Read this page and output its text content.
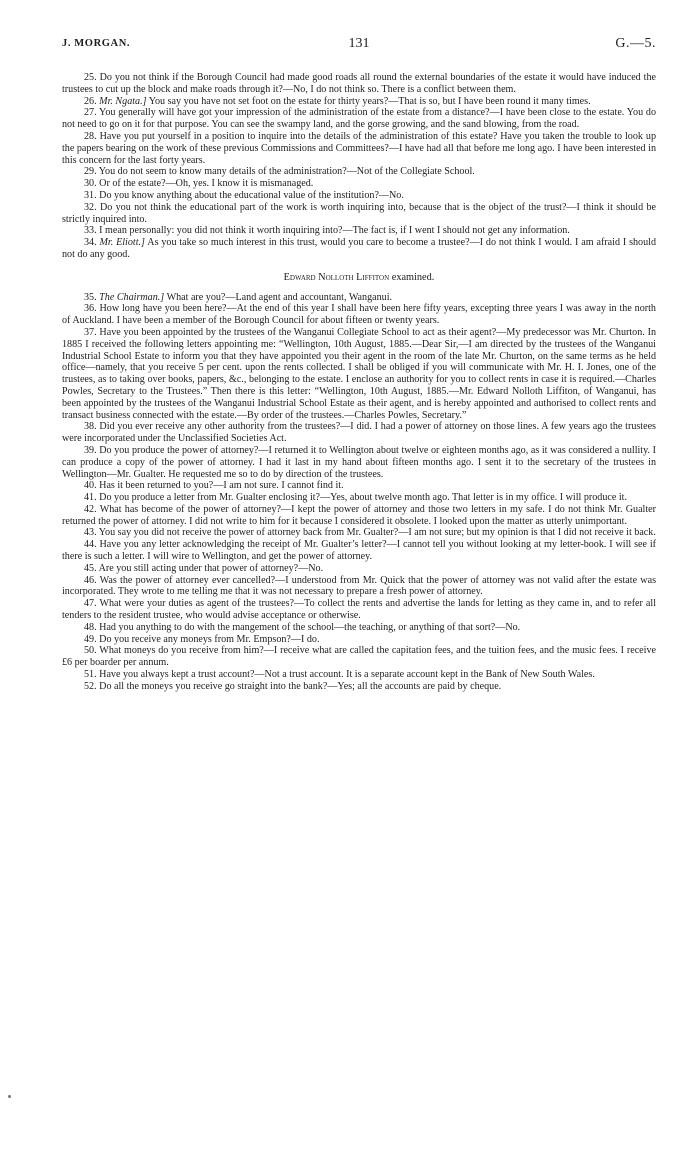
J. MORGAN.	131	G.—5.

25. Do you not think if the Borough Council had made good roads all round the external boundaries of the estate it would have induced the trustees to cut up the block and make roads through it?—No, I do not think so. There is a conflict between them.

26. Mr. Ngata.] You say you have not set foot on the estate for thirty years?—That is so, but I have been round it many times.

27. You generally will have got your impression of the administration of the estate from a distance?—I have been close to the estate. You do not need to go on it for that purpose. You can see the swampy land, and the gorse growing, and the sand blowing, from the road.

28. Have you put yourself in a position to inquire into the details of the administration of this estate? Have you taken the trouble to look up the papers bearing on the work of these previous Commissions and Committees?—I have had all that before me long ago. I have been interested in this concern for the last forty years.

29. You do not seem to know many details of the administration?—Not of the Collegiate School.

30. Or of the estate?—Oh, yes. I know it is mismanaged.

31. Do you know anything about the educational value of the institution?—No.

32. Do you not think the educational part of the work is worth inquiring into, because that is the object of the trust?—I think it should be strictly inquired into.

33. I mean personally: you did not think it worth inquiring into?—The fact is, if I went I should not get any information.

34. Mr. Eliott.] As you take so much interest in this trust, would you care to become a trustee?—I do not think I would. I am afraid I should not do any good.

Edward Nolloth Liffiton examined.

35. The Chairman.] What are you?—Land agent and accountant, Wanganui.

36. How long have you been here?—At the end of this year I shall have been here fifty years, excepting three years I was away in the north of Auckland. I have been a member of the Borough Council for about fifteen or twenty years.

37. Have you been appointed by the trustees of the Wanganui Collegiate School to act as their agent?—My predecessor was Mr. Churton. In 1885 I received the following letters appointing me: “Wellington, 10th August, 1885.—Dear Sir,—I am directed by the trustees of the Wanganui Industrial School Estate to inform you that they have appointed you their agent in the room of the late Mr. Churton, on the same terms as he held office—namely, that you receive 5 per cent. upon the rents collected. I shall be obliged if you will communicate with Mr. H. I. Jones, one of the trustees, as to taking over books, papers, &c., belonging to the estate. I enclose an authority for you to collect rents in case it is required.—Charles Powles, Secretary to the Trustees.” Then there is this letter: “Wellington, 10th August, 1885.—Mr. Edward Nolloth Liffiton, of Wanganui, has been appointed by the trustees of the Wanganui Industrial School Estate as their agent, and is hereby appointed and authorised to collect rents and transact business connected with the estate.—By order of the trustees.—Charles Powles, Secretary.”

38. Did you ever receive any other authority from the trustees?—I did. I had a power of attorney on those lines. A few years ago the trustees were incorporated under the Unclassified Societies Act.

39. Do you produce the power of attorney?—I returned it to Wellington about twelve or eighteen months ago, as it was considered a nullity. I can produce a copy of the power of attorney. I had it last in my hand about fifteen months ago. I sent it to the secretary of the trustees in Wellington—Mr. Gualter. He requested me so to do by direction of the trustees.

40. Has it been returned to you?—I am not sure. I cannot find it.

41. Do you produce a letter from Mr. Gualter enclosing it?—Yes, about twelve month ago. That letter is in my office. I will produce it.

42. What has become of the power of attorney?—I kept the power of attorney and those two letters in my safe. I do not think Mr. Gualter returned the power of attorney. I did not write to him for it because I considered it obsolete. I looked upon the matter as utterly unimportant.

43. You say you did not receive the power of attorney back from Mr. Gualter?—I am not sure; but my opinion is that I did not receive it back.

44. Have you any letter acknowledging the receipt of Mr. Gualter’s letter?—I cannot tell you without looking at my letter-book. I will see if there is such a letter. I will wire to Wellington, and get the power of attorney.

45. Are you still acting under that power of attorney?—No.

46. Was the power of attorney ever cancelled?—I understood from Mr. Quick that the power of attorney was not valid after the estate was incorporated. They wrote to me telling me that it was not necessary to prepare a fresh power of attorney.

47. What were your duties as agent of the trustees?—To collect the rents and advertise the lands for letting as they came in, and to refer all tenders to the resident trustee, who would advise acceptance or otherwise.

48. Had you anything to do with the mangement of the school—the teaching, or anything of that sort?—No.

49. Do you receive any moneys from Mr. Empson?—I do.

50. What moneys do you receive from him?—I receive what are called the capitation fees, and the tuition fees, and the music fees. I receive £6 per boarder per annum.

51. Have you always kept a trust account?—Not a trust account. It is a separate account kept in the Bank of New South Wales.

52. Do all the moneys you receive go straight into the bank?—Yes; all the accounts are paid by cheque.
